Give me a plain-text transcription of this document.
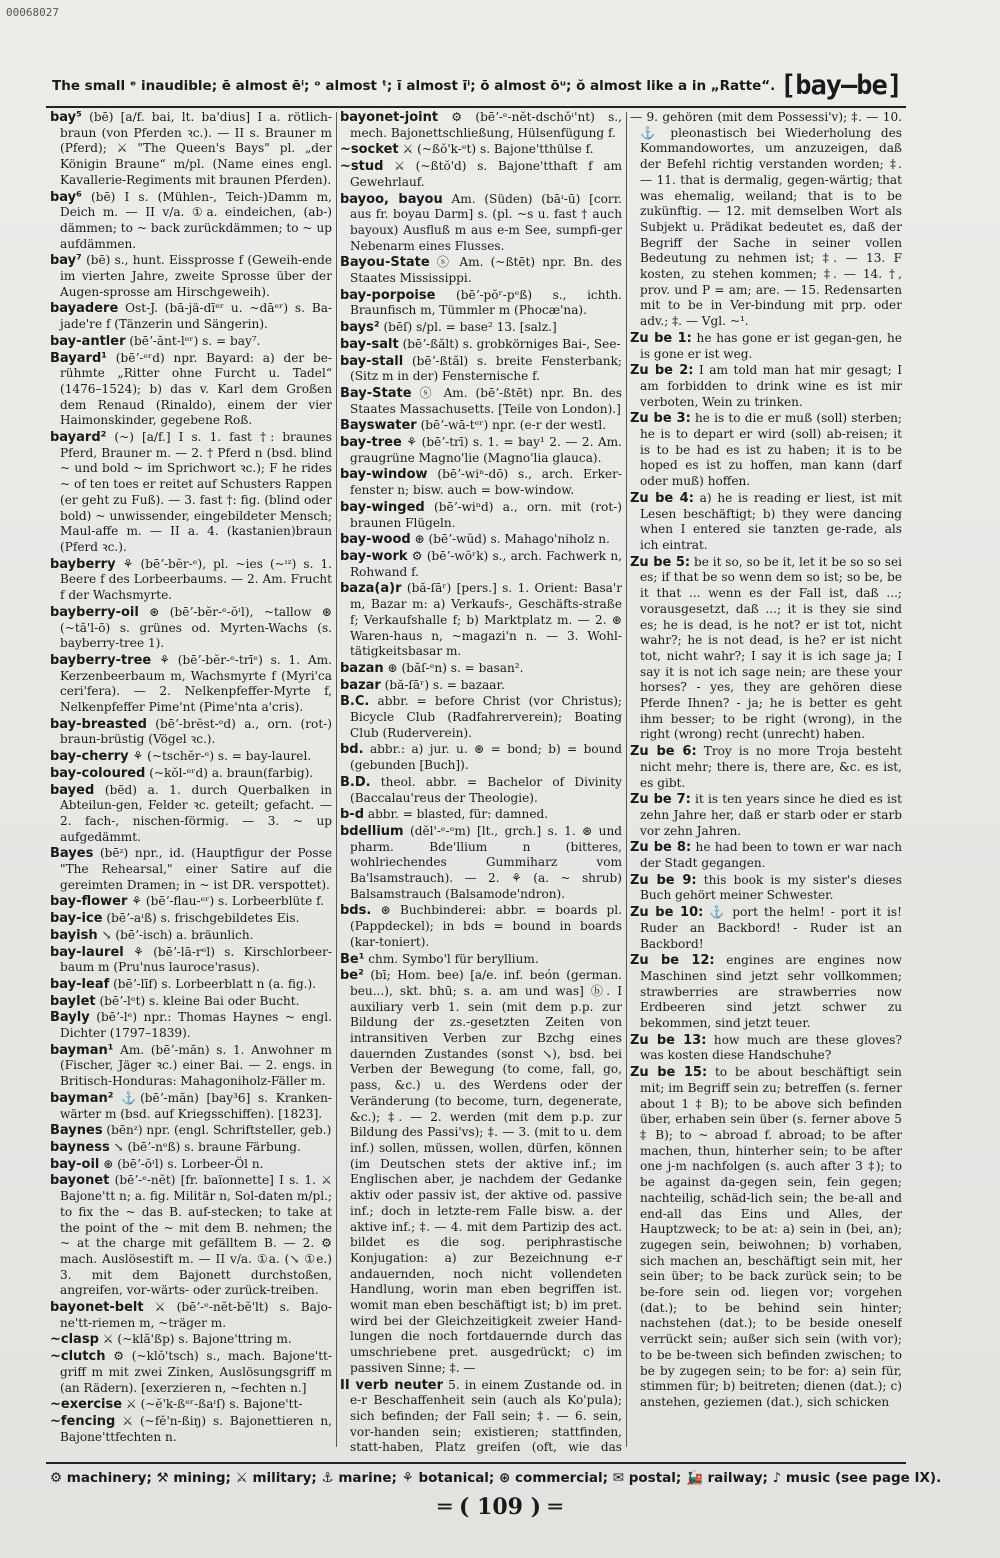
00068027
The small ᵉ inaudible; ē almost ēⁱ; ᵒ almost ᵗ; ī almost īⁱ; ō almost ōᵘ; ŏ almost like a in „Ratte“. [bay—be]

bay⁵ (bē) [a/f. bai, lt. ba'dius] I a. rötlich-braun (von Pferden ꝛc.). — II s. Brauner m (Pferd); ⚔ "The Queen's Bays" pl. „der Königin Braune“ m/pl. (Name eines engl. Kavallerie-Regiments mit braunen Pferden).

bay⁶ (bē) I s. (Mühlen-, Teich-)Damm m, Deich m. — II v/a. ①a. eindeichen, (ab-) dämmen; to ~ back zurückdämmen; to ~ up aufdämmen.

bay⁷ (bē) s., hunt. Eissprosse f (Geweih-ende im vierten Jahre, zweite Sprosse über der Augen-sprosse am Hirschgeweih).

bayadere Ost-J. (bā-jä-dīᵉʳ u. ~dāᵉʳ) s. Ba-jade're f (Tänzerin und Sängerin).

bay-antler (bēʼ-ănt-lᵉʳ) s. = bay⁷.

Bayard¹ (bēʼ-ᵉʳd) npr. Bayard: a) der be-rühmte „Ritter ohne Furcht u. Tadel“ (1476–1524); b) das v. Karl dem Großen dem Renaud (Rinaldo), einem der vier Haimonskinder, gegebene Roß.

bayard² (~) [a/f.] I s. 1. fast †: braunes Pferd, Brauner m. — 2. † Pferd n (bsd. blind ~ und bold ~ im Sprichwort ꝛc.); F he rides ~ of ten toes er reitet auf Schusters Rappen (er geht zu Fuß). — 3. fast †: fig. (blind oder bold) ~ unwissender, eingebildeter Mensch; Maul-affe m. — II a. 4. (kastanien)braun (Pferd ꝛc.).

bayberry ⚘ (bēʼ-bĕr-ᵉ), pl. ~ies (~ᶦᶻ) s. 1. Beere f des Lorbeerbaums. — 2. Am. Frucht f der Wachsmyrte.

bayberry-oil ⊛ (bēʼ-bĕr-ᵉ-ŏᶦl), ~tallow ⊛ (~tă'l-ō) s. grünes od. Myrten-Wachs (s. bayberry-tree 1).

bayberry-tree ⚘ (bēʼ-bĕr-ᵉ-trīᵉ) s. 1. Am. Kerzenbeerbaum m, Wachsmyrte f (Myri'ca ceri'fera). — 2. Nelkenpfeffer-Myrte f, Nelkenpfeffer Pime'nt (Pime'nta a'cris).

bay-breasted (bēʼ-brĕst-ᵉd) a., orn. (rot-) braun-brüstig (Vögel ꝛc.).

bay-cherry ⚘ (~tschĕr-ᵉ) s. = bay-laurel.

bay-coloured (~kŏl-ᵉʳd) a. braun(farbig).

bayed (bēd) a. 1. durch Querbalken in Abteilun-gen, Felder ꝛc. geteilt; gefacht. — 2. fach-, nischen-förmig. — 3. ~ up aufgedämmt.

Bayes (bēᶻ) npr., id. (Hauptfigur der Posse "The Rehearsal," einer Satire auf die gereimten Dramen; in ~ ist DR. verspottet).

bay-flower ⚘ (bēʼ-flau-ᵉʳ) s. Lorbeerblüte f.

bay-ice (bēʼ-aᶦß) s. frischgebildetes Eis.

bayish ↘ (bēʼ-isch) a. bräunlich.

bay-laurel ⚘ (bēʼ-lā-rᵉl) s. Kirschlorbeer-baum m (Pru'nus lauroce'rasus).

bay-leaf (bēʼ-līf) s. Lorbeerblatt n (a. fig.).

baylet (bēʼ-lᵉt) s. kleine Bai oder Bucht.

Bayly (bēʼ-lᵉ) npr.: Thomas Haynes ~ engl. Dichter (1797–1839).

bayman¹ Am. (bēʼ-măn) s. 1. Anwohner m (Fischer, Jäger ꝛc.) einer Bai. — 2. engs. in Britisch-Honduras: Mahagoniholz-Fäller m.

bayman² ⚓(bēʼ-măn) [bay³6] s. Kranken-wärter m (bsd. auf Kriegsschiffen). [1823].

Baynes (bēnᶻ) npr. (engl. Schriftsteller, geb.)

bayness ↘ (bēʼ-nᵉß) s. braune Färbung.

bay-oil ⊛ (bēʼ-ŏᶦl) s. Lorbeer-Öl n.

bayonet (bēʼ-ᵉ-nĕt) [fr. baïonnette] I s. 1. ⚔ Bajone'tt n; a. fig. Militär n, Sol-daten m/pl.; to fix the ~ das B. auf-stecken; to take at the point of the ~ mit dem B. nehmen; the ~ at the charge mit gefälltem B. — 2. ⚙ mach. Auslösestift m. — II v/a. ①a. (↘ ①e.) 3. mit dem Bajonett durchstoßen, angreifen, vor-wärts- oder zurück-treiben.

bayonet-belt ⚔ (bēʼ-ᵉ-nĕt-bĕ'lt) s. Bajo-ne'tt-riemen m, ~träger m.

~clasp ⚔ (~klă'ßp) s. Bajone'ttring m.

~clutch ⚙ (~klŏ'tsch) s., mach. Bajone'tt-griff m mit zwei Zinken, Auslösungsgriff m (an Rädern). [exerzieren n, ~fechten n.]

~exercise ⚔ (~ĕ'k-ßᵉʳ-ßaᶦſ) s. Bajone'tt-

~fencing ⚔ (~fĕ'n-ßiŋ) s. Bajonettieren n, Bajone'ttfechten n.

bayonet-joint ⚙ (bēʼ-ᵉ-nĕt-dschŏᶦ'nt) s., mech. Bajonettschließung, Hülsenfügung f.

~socket ⚔ (~ßŏ'k-ᵉt) s. Bajone'tthülse f.

~stud ⚔ (~ßtŏ'd) s. Bajone'tthaft f am Gewehrlauf.

bayoo, bayou Am. (Süden) (bāᶦ-ū) [corr. aus fr. boyau Darm] s. (pl. ~s u. fast † auch bayoux) Ausfluß m aus e-m See, sumpfi-ger Nebenarm eines Flusses.

Bayou-State ⓢ Am. (~ßtēt) npr. Bn. des Staates Mississippi.

bay-porpoise (bēʼ-pŏʳ-pᵉß) s., ichth. Braunfisch m, Tümmler m (Phocæ'na).

bays² (bēſ) s/pl. = base² 13. [salz.]

bay-salt (bēʼ-ßălt) s. grobkörniges Bai-, See-

bay-stall (bēʼ-ßtăl) s. breite Fensterbank; (Sitz m in der) Fensternische f.

Bay-State ⓢ Am. (bēʼ-ßtēt) npr. Bn. des Staates Massachusetts. [Teile von London).]

Bayswater (bēʼ-wā-tᵉʳ) npr. (e-r der westl.

bay-tree ⚘ (bēʼ-trī) s. 1. = bay¹ 2. — 2. Am. graugrüne Magno'lie (Magno'lia glauca).

bay-window (bēʼ-wiⁿ-dō) s., arch. Erker-fenster n; bisw. auch = bow-window.

bay-winged (bēʼ-wiⁿd) a., orn. mit (rot-) braunen Flügeln.

bay-wood ⊛ (bēʼ-wŭd) s. Mahago'niholz n.

bay-work ⚙ (bēʼ-wŏʳk) s., arch. Fachwerk n, Rohwand f.

baza(a)r (bă-ſāʳ) [pers.] s. 1. Orient: Basa'r m, Bazar m: a) Verkaufs-, Geschäfts-straße f; Verkaufshalle f; b) Marktplatz m. — 2. ⊛ Waren-haus n, ~magazi'n n. — 3. Wohl-tätigkeitsbasar m.

bazan ⊛ (băſ-ᵉn) s. = basan².

bazar (bă-ſāʳ) s. = bazaar.

B.C. abbr. = before Christ (vor Christus); Bicycle Club (Radfahrerverein); Boating Club (Ruderverein).

bd. abbr.: a) jur. u. ⊛ = bond; b) = bound (gebunden [Buch]).

B.D. theol. abbr. = Bachelor of Divinity (Baccalau'reus der Theologie).

b-d abbr. = blasted, für: damned.

bdellium (dĕl'-ᵉ-ᵉm) [lt., grch.] s. 1. ⊛ und pharm. Bde'llium n (bitteres, wohlriechendes Gummiharz vom Ba'lsamstrauch). — 2. ⚘ (a. ~ shrub) Balsamstrauch (Balsamode'ndron).

bds. ⊛ Buchbinderei: abbr. = boards pl. (Pappdeckel); in bds = bound in boards (kar-toniert).

Be¹ chm. Symbo'l für beryllium.

be² (bī; Hom. bee) [a/e. inf. beón (german. beu...), skt. bhū; s. a. am und was] ⓑ. I auxiliary verb 1. sein (mit dem p.p. zur Bildung der zs.-gesetzten Zeiten von intransitiven Verben zur Bzchg eines dauernden Zustandes (sonst ↘), bsd. bei Verben der Bewegung (to come, fall, go, pass, &c.) u. des Werdens oder der Veränderung (to become, turn, degenerate, &c.); ‡. — 2. werden (mit dem p.p. zur Bildung des Passi'vs); ‡. — 3. (mit to u. dem inf.) sollen, müssen, wollen, dürfen, können (im Deutschen stets der aktive inf.; im Englischen aber, je nachdem der Gedanke aktiv oder passiv ist, der aktive od. passive inf.; doch in letzte-rem Falle bisw. a. der aktive inf.; ‡. — 4. mit dem Partizip des act. bildet es die sog. periphrastische Konjugation: a) zur Bezeichnung e-r andauernden, noch nicht vollendeten Handlung, worin man eben begriffen ist. womit man eben beschäftigt ist; b) im pret. wird bei der Gleichzeitigkeit zweier Hand-lungen die noch fortdauernde durch das umschriebene pret. ausgedrückt; c) im passiven Sinne; ‡. —

II verb neuter 5. in einem Zustande od. in e-r Beschaffenheit sein (auch als Ko'pula); sich befinden; der Fall sein; ‡. — 6. sein, vor-handen sein; existieren; stattfinden, statt-haben, Platz greifen (oft, wie das

— 9. gehören (mit dem Possessi'v); ‡. — 10. ⚓ pleonastisch bei Wiederholung des Kommandowortes, um anzuzeigen, daß der Befehl richtig verstanden worden; ‡. — 11. that is dermalig, gegen-wärtig; that was ehemalig, weiland; that is to be zukünftig. — 12. mit demselben Wort als Subjekt u. Prädikat bedeutet es, daß der Begriff der Sache in seiner vollen Bedeutung zu nehmen ist; ‡. — 13. F kosten, zu stehen kommen; ‡. — 14. †, prov. und P = am; are. — 15. Redensarten mit to be in Ver-bindung mit prp. oder adv.; ‡. — Vgl. ~¹.

Zu be 1: he has gone er ist gegan-gen, he is gone er ist weg.

Zu be 2: I am told man hat mir gesagt; I am forbidden to drink wine es ist mir verboten, Wein zu trinken.

Zu be 3: he is to die er muß (soll) sterben; he is to depart er wird (soll) ab-reisen; it is to be had es ist zu haben; it is to be hoped es ist zu hoffen, man kann (darf oder muß) hoffen.

Zu be 4: a) he is reading er liest, ist mit Lesen beschäftigt; b) they were dancing when I entered sie tanzten ge-rade, als ich eintrat.

Zu be 5: be it so, so be it, let it be so so sei es; if that be so wenn dem so ist; so be, be it that ... wenn es der Fall ist, daß ...; vorausgesetzt, daß ...; it is they sie sind es; he is dead, is he not? er ist tot, nicht wahr?; he is not dead, is he? er ist nicht tot, nicht wahr?; I say it is ich sage ja; I say it is not ich sage nein; are these your horses? - yes, they are gehören diese Pferde Ihnen? - ja; he is better es geht ihm besser; to be right (wrong), in the right (wrong) recht (unrecht) haben.

Zu be 6: Troy is no more Troja besteht nicht mehr; there is, there are, &c. es ist, es gibt.

Zu be 7: it is ten years since he died es ist zehn Jahre her, daß er starb oder er starb vor zehn Jahren.

Zu be 8: he had been to town er war nach der Stadt gegangen.

Zu be 9: this book is my sister's dieses Buch gehört meiner Schwester.

Zu be 10: ⚓ port the helm! - port it is! Ruder an Backbord! - Ruder ist an Backbord!

Zu be 12: engines are engines now Maschinen sind jetzt sehr vollkommen; strawberries are strawberries now Erdbeeren sind jetzt schwer zu bekommen, sind jetzt teuer.

Zu be 13: how much are these gloves? was kosten diese Handschuhe?

Zu be 15: to be about beschäftigt sein mit; im Begriff sein zu; betreffen (s. ferner about 1 ‡ B); to be above sich befinden über, erhaben sein über (s. ferner above 5 ‡ B); to ~ abroad f. abroad; to be after machen, thun, hinterher sein; to be after one j-m nachfolgen (s. auch after 3 ‡); to be against da-gegen sein, fein gegen; nachteilig, schäd-lich sein; the be-all and end-all das Eins und Alles, der Hauptzweck; to be at: a) sein in (bei, an); zugegen sein, beiwohnen; b) vorhaben, sich machen an, beschäftigt sein mit, her sein über; to be back zurück sein; to be be-fore sein od. liegen vor; vorgehen (dat.); to be behind sein hinter; nachstehen (dat.); to be beside oneself verrückt sein; außer sich sein (with vor); to be be-tween sich befinden zwischen; to be by zugegen sein; to be for: a) sein für, stimmen für; b) beitreten; dienen (dat.); c) anstehen, geziemen (dat.), sich schicken

⚙ machinery; ⚒ mining; ⚔ military; ⚓ marine; ⚘ botanical; ⊛ commercial; ✉ postal; 🚂 railway; ♪ music (see page IX).
═ ( 109 ) ═
